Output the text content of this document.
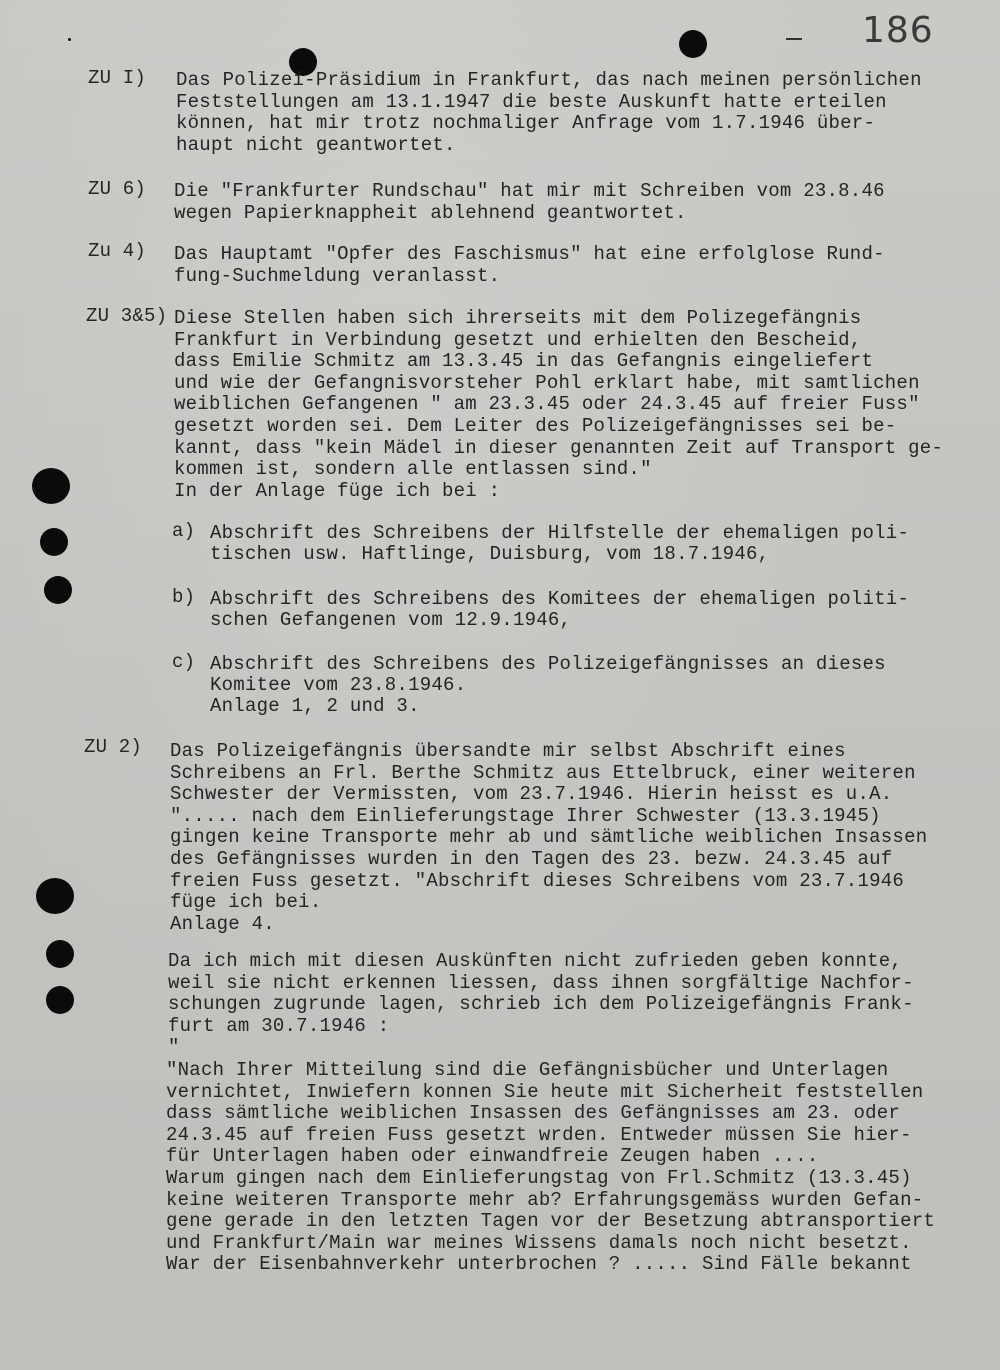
186
ZU I) Das Polizei-Präsidium in Frankfurt, das nach meinen persönlichen
Feststellungen am 13.1.1947 die beste Auskunft hatte erteilen
können, hat mir trotz nochmaliger Anfrage vom 1.7.1946 über-
haupt nicht geantwortet.
ZU 6) Die "Frankfurter Rundschau" hat mir mit Schreiben vom 23.8.46
wegen Papierknappheit ablehnend geantwortet.
Zu 4) Das Hauptamt "Opfer des Faschismus" hat eine erfolglose Rund-
fung-Suchmeldung veranlasst.
ZU 3&5) Diese Stellen haben sich ihrerseits mit dem Polizegefängnis
Frankfurt in Verbindung gesetzt und erhielten den Bescheid,
dass Emilie Schmitz am 13.3.45 in das Gefangnis eingeliefert
und wie der Gefangnisvorsteher Pohl erklart habe, mit samtlichen
weiblichen Gefangenen " am 23.3.45 oder 24.3.45 auf freier Fuss"
gesetzt worden sei. Dem Leiter des Polizeigefängnisses sei be-
kannt, dass "kein Mädel in dieser genannten Zeit auf Transport ge-
kommen ist, sondern alle entlassen sind."
In der Anlage füge ich bei :
a) Abschrift des Schreibens der Hilfstelle der ehemaligen poli-
tischen usw. Haftlinge, Duisburg, vom 18.7.1946,
b) Abschrift des Schreibens des Komitees der ehemaligen politi-
schen Gefangenen vom 12.9.1946,
c) Abschrift des Schreibens des Polizeigefängnisses an dieses
Komitee vom 23.8.1946.
Anlage 1, 2 und 3.
ZU 2) Das Polizeigefängnis übersandte mir selbst Abschrift eines
Schreibens an Frl. Berthe Schmitz aus Ettelbruck, einer weiteren
Schwester der Vermissten, vom 23.7.1946. Hierin heisst es u.A.
"..... nach dem Einlieferungstage Ihrer Schwester (13.3.1945)
gingen keine Transporte mehr ab und sämtliche weiblichen Insassen
des Gefängnisses wurden in den Tagen des 23. bezw. 24.3.45 auf
freien Fuss gesetzt. "Abschrift dieses Schreibens vom 23.7.1946
füge ich bei.
Anlage 4.
Da ich mich mit diesen Auskünften nicht zufrieden geben konnte,
weil sie nicht erkennen liessen, dass ihnen sorgfältige Nachfor-
schungen zugrunde lagen, schrieb ich dem Polizeigefängnis Frank-
furt am 30.7.1946 :
"
"Nach Ihrer Mitteilung sind die Gefängnisbücher und Unterlagen
vernichtet, Inwiefern konnen Sie heute mit Sicherheit feststellen
dass sämtliche weiblichen Insassen des Gefängnisses am 23. oder
24.3.45 auf freien Fuss gesetzt wrden. Entweder müssen Sie hier-
für Unterlagen haben oder einwandfreie Zeugen haben ....
Warum gingen nach dem Einlieferungstag von Frl.Schmitz (13.3.45)
keine weiteren Transporte mehr ab? Erfahrungsgemäss wurden Gefan-
gene gerade in den letzten Tagen vor der Besetzung abtransportiert
und Frankfurt/Main war meines Wissens damals noch nicht besetzt.
War der Eisenbahnverkehr unterbrochen ? ..... Sind Fälle bekannt
